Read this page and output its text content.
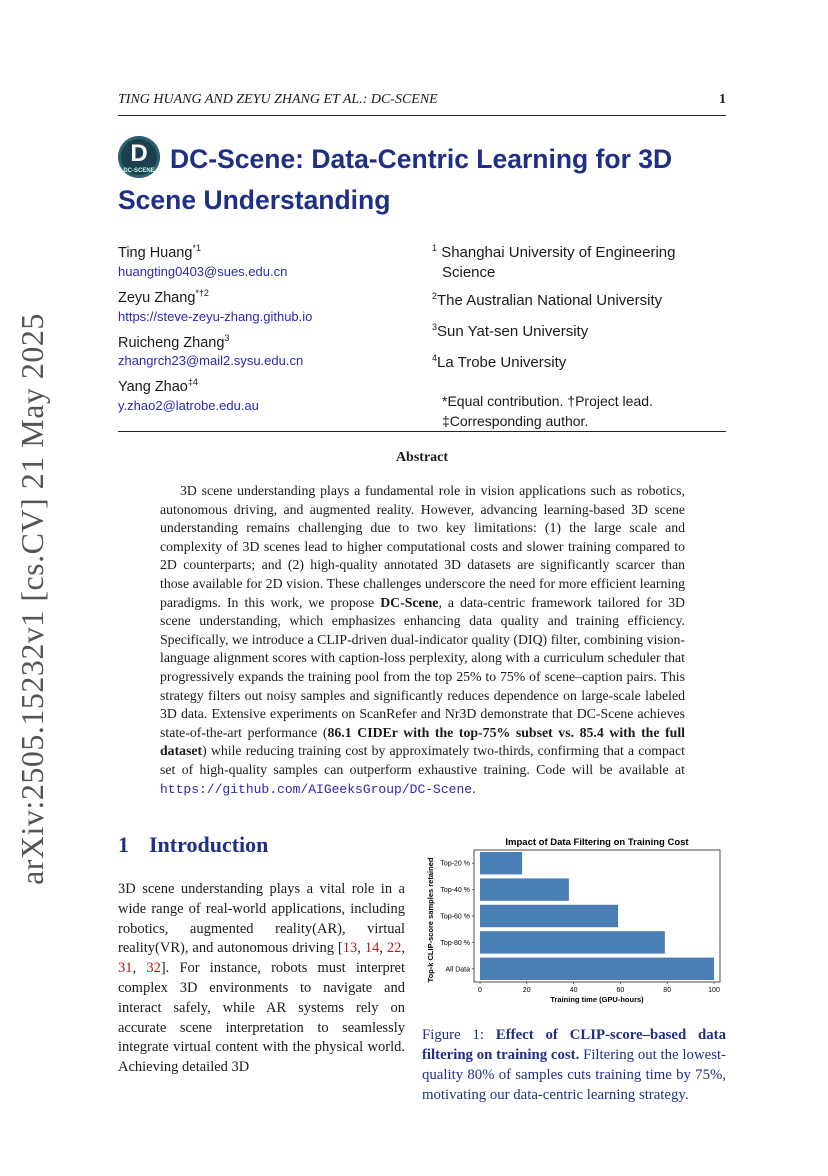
arXiv:2505.15232v1 [cs.CV] 21 May 2025
TING HUANG AND ZEYU ZHANG ET AL.: DC-SCENE	1
D
DC-SCENE DC-Scene: Data-Centric Learning for 3D
Scene Understanding
Ting Huang$^{*1}$
huangting0403@sues.edu.cn
Zeyu Zhang$^{*\dagger 2}$
https://steve-zeyu-zhang.github.io
Ruicheng Zhang$^3$
zhangrch23@mail2.sysu.edu.cn
Yang Zhao$^{\ddagger 4}$
y.zhao2@latrobe.edu.au
$^1$ Shanghai University of Engineering
Science
$^2$The Australian National University
$^3$Sun Yat-sen University
$^4$La Trobe University
*Equal contribution. †Project lead.
‡Corresponding author.
Abstract
3D scene understanding plays a fundamental role in vision applications such as robotics, autonomous driving, and augmented reality. However, advancing learning-based 3D scene understanding remains challenging due to two key limitations: (1) the large scale and complexity of 3D scenes lead to higher computational costs and slower training compared to 2D counterparts; and (2) high-quality annotated 3D datasets are significantly scarcer than those available for 2D vision. These challenges underscore the need for more efficient learning paradigms. In this work, we propose DC-Scene, a data-centric framework tailored for 3D scene understanding, which emphasizes enhancing data quality and training efficiency. Specifically, we introduce a CLIP-driven dual-indicator quality (DIQ) filter, combining vision-language alignment scores with caption-loss perplexity, along with a curriculum scheduler that progressively expands the training pool from the top 25% to 75% of scene–caption pairs. This strategy filters out noisy samples and significantly reduces dependence on large-scale labeled 3D data. Extensive experiments on ScanRefer and Nr3D demonstrate that DC-Scene achieves state-of-the-art performance (86.1 CIDEr with the top-75% subset vs. 85.4 with the full dataset) while reducing training cost by approximately two-thirds, confirming that a compact set of high-quality samples can outperform exhaustive training. Code will be available at https://github.com/AIGeeksGroup/DC-Scene.
1 Introduction
3D scene understanding plays a vital role in a wide range of real-world applications, including robotics, augmented reality(AR), virtual reality(VR), and autonomous driving [13, 14, 22, 31, 32]. For instance, robots must interpret complex 3D environments to navigate and interact safely, while AR systems rely on accurate scene interpretation to seamlessly integrate virtual content with the physical world. Achieving detailed 3D
Impact of Data Filtering on Training Cost
Top-k CLIP-score samples retained Top-20 %
Top-40 %
Top-60 %
Top-80 %
All Data
0	20	40	60	80	100
Training time (GPU-hours)
Figure 1: Effect of CLIP-score–based data filtering on training cost. Filtering out the lowest-quality 80% of samples cuts training time by 75%, motivating our data-centric learning strategy.
